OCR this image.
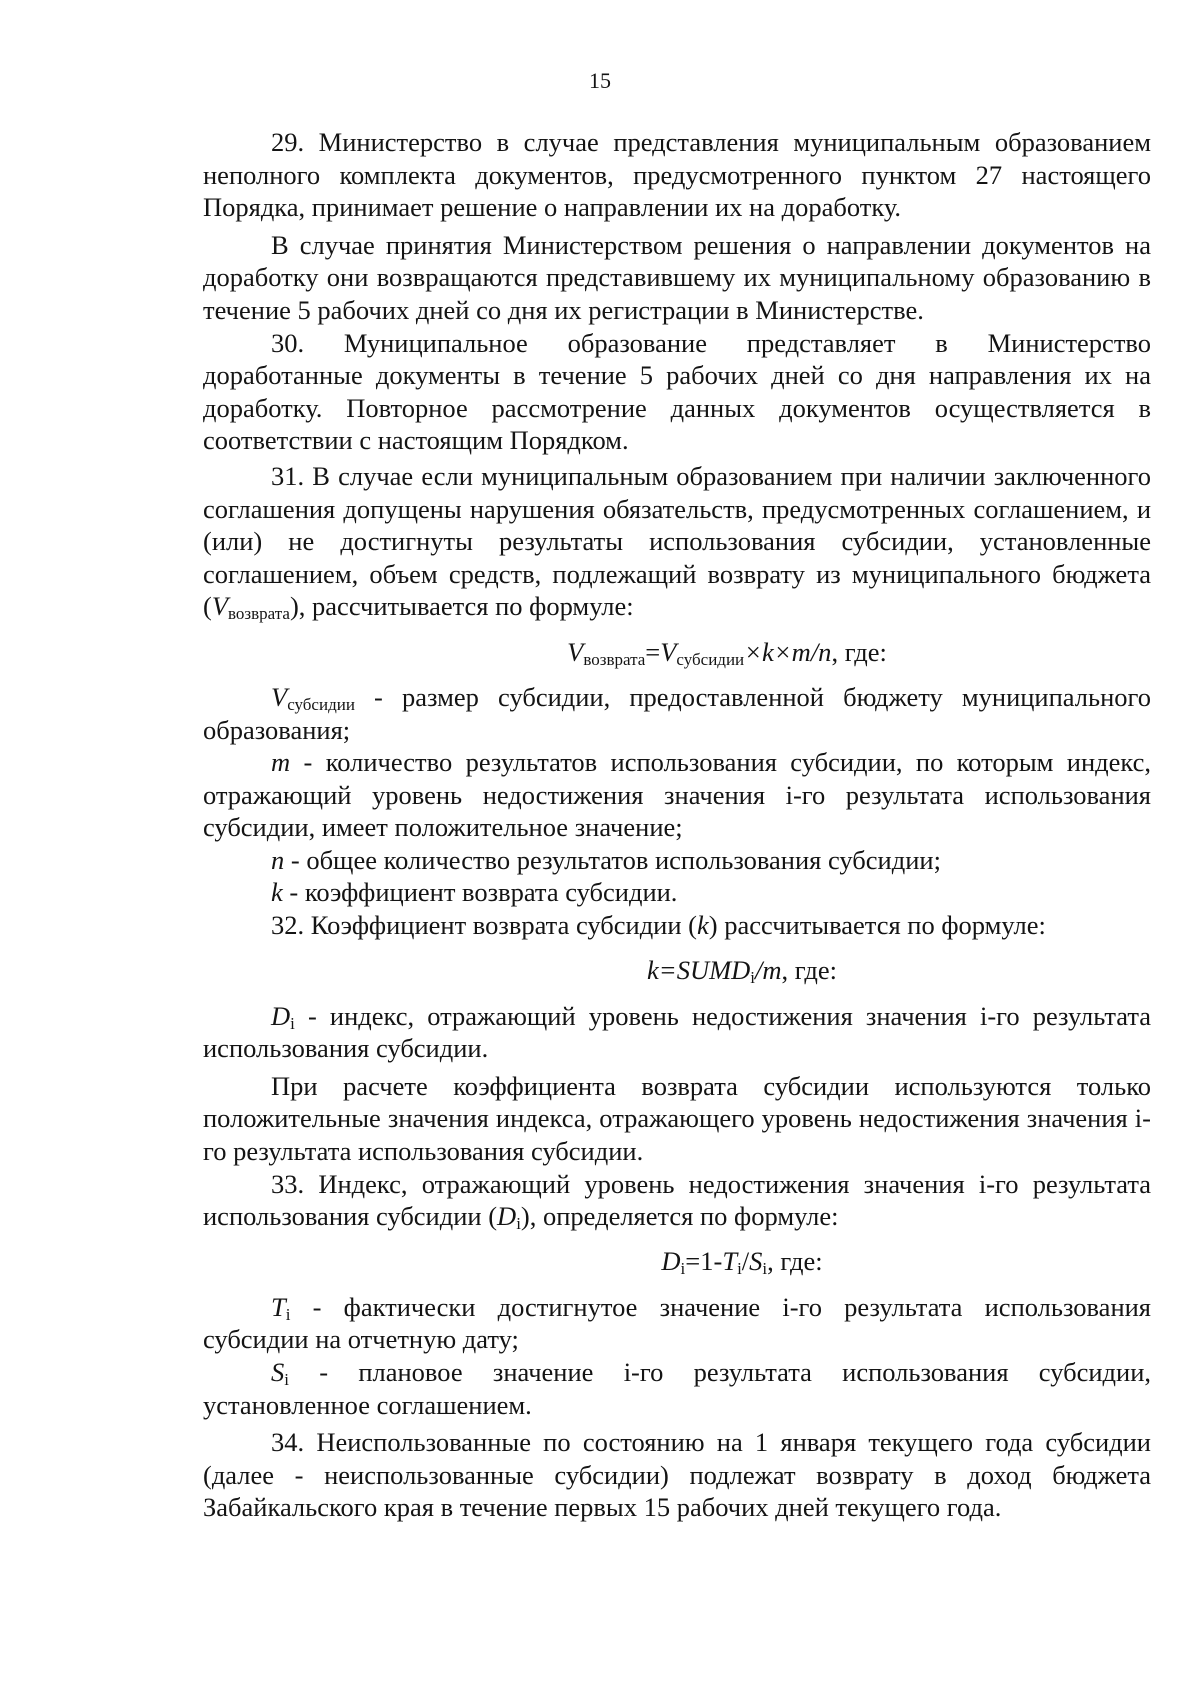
15

29. Министерство в случае представления муниципальным образованием неполного комплекта документов, предусмотренного пунктом 27 настоящего Порядка, принимает решение о направлении их на доработку.

В случае принятия Министерством решения о направлении документов на доработку они возвращаются представившему их муниципальному образованию в течение 5 рабочих дней со дня их регистрации в Министерстве.

30. Муниципальное образование представляет в Министерство доработанные документы в течение 5 рабочих дней со дня направления их на доработку. Повторное рассмотрение данных документов осуществляется в соответствии с настоящим Порядком.

31. В случае если муниципальным образованием при наличии заключенного соглашения допущены нарушения обязательств, предусмотренных соглашением, и (или) не достигнуты результаты использования субсидии, установленные соглашением, объем средств, подлежащий возврату из муниципального бюджета $(V_{возврата})$, рассчитывается по формуле:

$V_{возврата}=V_{субсидии}\times k\times m/n$, где:

$V_{субсидии}$ - размер субсидии, предоставленной бюджету муниципального образования;

m - количество результатов использования субсидии, по которым индекс, отражающий уровень недостижения значения i-го результата использования субсидии, имеет положительное значение;

n - общее количество результатов использования субсидии;

k - коэффициент возврата субсидии.

32. Коэффициент возврата субсидии (k) рассчитывается по формуле:

$k=SUMD_i/m$, где:

$D_i$ - индекс, отражающий уровень недостижения значения i-го результата использования субсидии.

При расчете коэффициента возврата субсидии используются только положительные значения индекса, отражающего уровень недостижения значения i-го результата использования субсидии.

33. Индекс, отражающий уровень недостижения значения i-го результата использования субсидии $(D_i)$, определяется по формуле:

$D_i=1-T_i/S_i$, где:

$T_i$ - фактически достигнутое значение i-го результата использования субсидии на отчетную дату;

$S_i$ - плановое значение i-го результата использования субсидии, установленное соглашением.

34. Неиспользованные по состоянию на 1 января текущего года субсидии (далее - неиспользованные субсидии) подлежат возврату в доход бюджета Забайкальского края в течение первых 15 рабочих дней текущего года.
